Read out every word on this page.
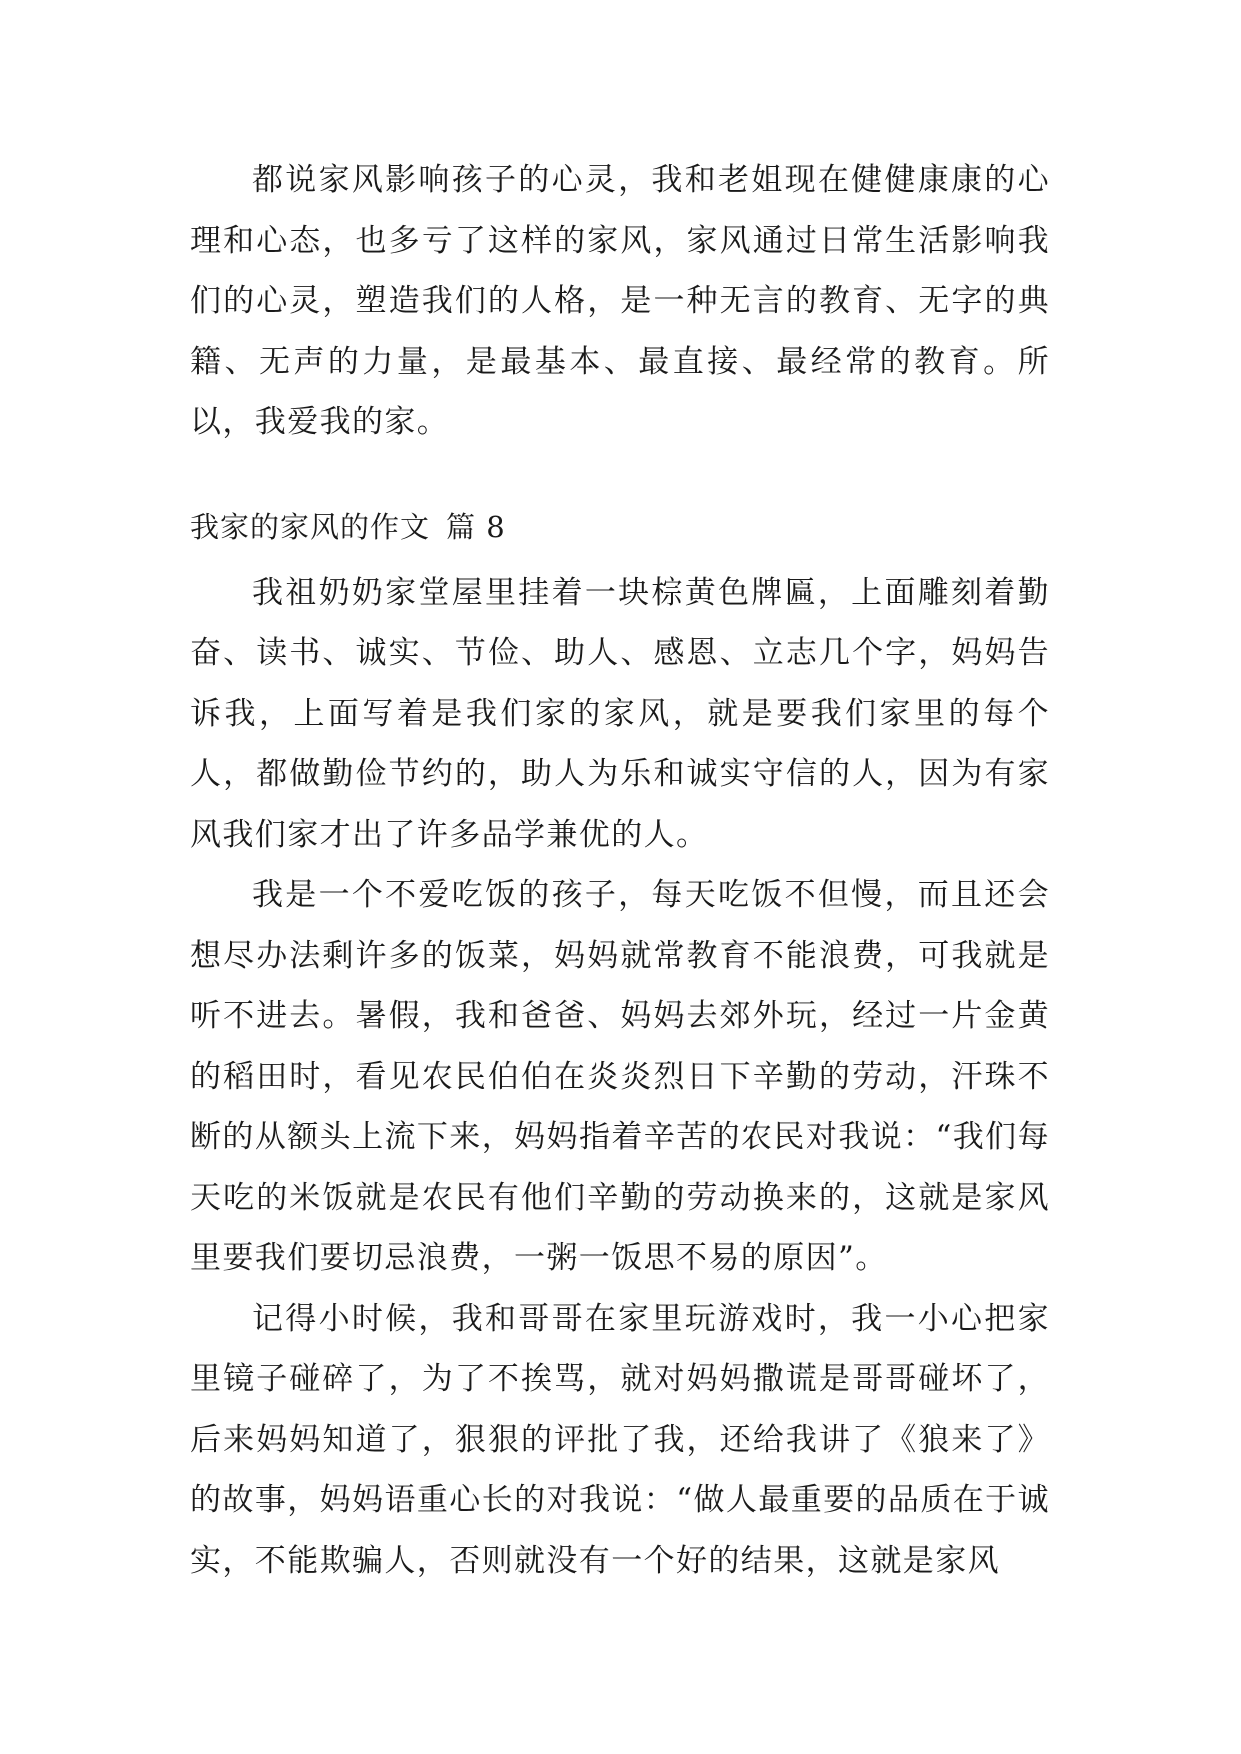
都说家风影响孩子的心灵，我和老姐现在健健康康的心理和心态，也多亏了这样的家风，家风通过日常生活影响我们的心灵，塑造我们的人格，是一种无言的教育、无字的典籍、无声的力量，是最基本、最直接、最经常的教育。所以，我爱我的家。

我家的家风的作文 篇 8

我祖奶奶家堂屋里挂着一块棕黄色牌匾，上面雕刻着勤奋、读书、诚实、节俭、助人、感恩、立志几个字，妈妈告诉我，上面写着是我们家的家风，就是要我们家里的每个人，都做勤俭节约的，助人为乐和诚实守信的人，因为有家风我们家才出了许多品学兼优的人。

我是一个不爱吃饭的孩子，每天吃饭不但慢，而且还会想尽办法剩许多的饭菜，妈妈就常教育不能浪费，可我就是听不进去。暑假，我和爸爸、妈妈去郊外玩，经过一片金黄的稻田时，看见农民伯伯在炎炎烈日下辛勤的劳动，汗珠不断的从额头上流下来，妈妈指着辛苦的农民对我说：“我们每天吃的米饭就是农民有他们辛勤的劳动换来的，这就是家风里要我们要切忌浪费，一粥一饭思不易的原因”。

记得小时候，我和哥哥在家里玩游戏时，我一小心把家里镜子碰碎了，为了不挨骂，就对妈妈撒谎是哥哥碰坏了，后来妈妈知道了，狠狠的评批了我，还给我讲了《狼来了》的故事，妈妈语重心长的对我说：“做人最重要的品质在于诚实，不能欺骗人，否则就没有一个好的结果，这就是家风
